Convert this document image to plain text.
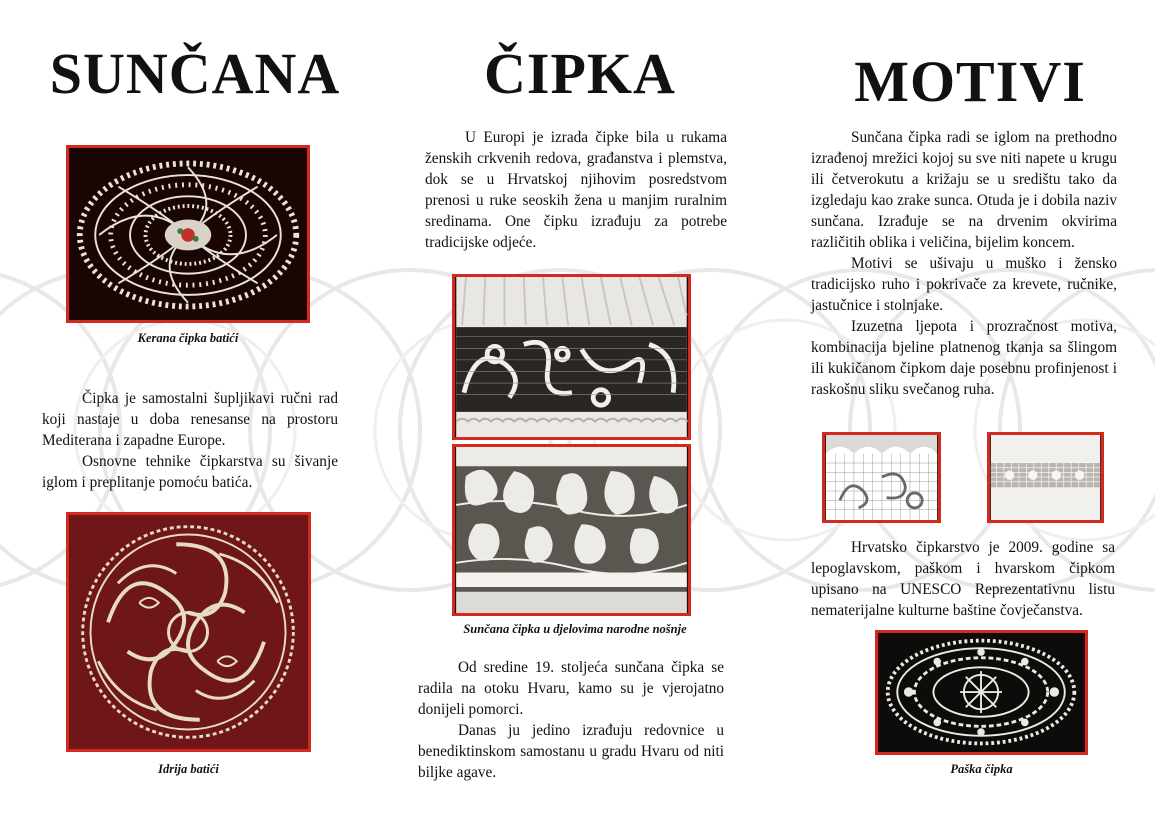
SUNČANA	ČIPKA	MOTIVI

Kerana čipka batići

Čipka je samostalni šupljikavi ručni rad koji nastaje u doba renesanse na prostoru Mediterana i zapadne Europe.

Osnovne tehnike čipkarstva su šivanje iglom i preplitanje pomoću batića.

Idrija batići

U Europi je izrada čipke bila u rukama ženskih crkvenih redova, građanstva i plemstva, dok se u Hrvatskoj njihovim posredstvom prenosi u ruke seoskih žena u manjim ruralnim sredinama. One čipku izrađuju za potrebe tradicijske odjeće.

Sunčana čipka u djelovima narodne nošnje

Od sredine 19. stoljeća sunčana čipka se radila na otoku Hvaru, kamo su je vjerojatno donijeli pomorci.

Danas ju jedino izrađuju redovnice u benediktinskom samostanu u gradu Hvaru od niti biljke agave.

Sunčana čipka radi se iglom na prethodno izrađenoj mrežici kojoj su sve niti napete u krugu ili četverokutu a križaju se u središtu tako da izgledaju kao zrake sunca. Otuda je i dobila naziv sunčana. Izrađuje se na drvenim okvirima različitih oblika i veličina, bijelim koncem.

Motivi se ušivaju u muško i žensko tradicijsko ruho i pokrivače za krevete, ručnike, jastučnice i stolnjake.

Izuzetna ljepota i prozračnost motiva, kombinacija bjeline platnenog tkanja sa šlingom ili kukičanom čipkom daje posebnu profinjenost i raskošnu sliku svečanog ruha.

Hrvatsko čipkarstvo je 2009. godine sa lepoglavskom, paškom i hvarskom čipkom upisano na UNESCO Reprezentativnu listu nematerijalne kulturne baštine čovječanstva.

Paška čipka
